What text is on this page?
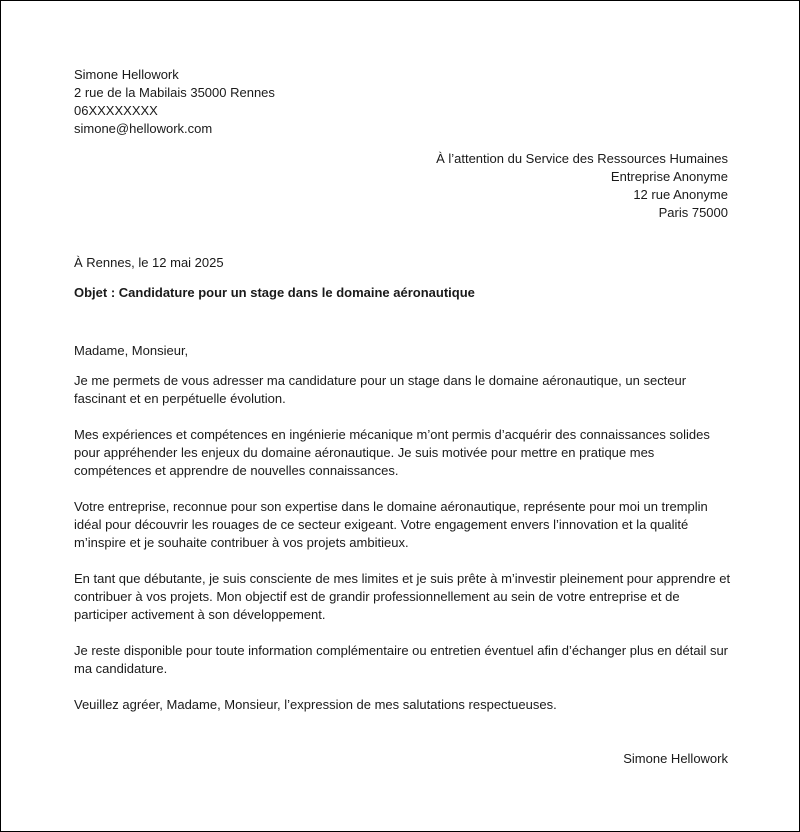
Simone Hellowork
2 rue de la Mabilais 35000 Rennes
06XXXXXXXX
simone@hellowork.com
À l’attention du Service des Ressources Humaines
Entreprise Anonyme
12 rue Anonyme
Paris 75000
À Rennes, le 12 mai 2025
Objet : Candidature pour un stage dans le domaine aéronautique

Madame, Monsieur,

Je me permets de vous adresser ma candidature pour un stage dans le domaine aéronautique, un secteur fascinant et en perpétuelle évolution.

Mes expériences et compétences en ingénierie mécanique m’ont permis d’acquérir des connaissances solides pour appréhender les enjeux du domaine aéronautique. Je suis motivée pour mettre en pratique mes compétences et apprendre de nouvelles connaissances.

Votre entreprise, reconnue pour son expertise dans le domaine aéronautique, représente pour moi un tremplin idéal pour découvrir les rouages de ce secteur exigeant. Votre engagement envers l’innovation et la qualité m’inspire et je souhaite contribuer à vos projets ambitieux.

En tant que débutante, je suis consciente de mes limites et je suis prête à m’investir pleinement pour apprendre et contribuer à vos projets. Mon objectif est de grandir professionnellement au sein de votre entreprise et de participer activement à son développement.

Je reste disponible pour toute information complémentaire ou entretien éventuel afin d’échanger plus en détail sur ma candidature.

Veuillez agréer, Madame, Monsieur, l’expression de mes salutations respectueuses.

Simone Hellowork
